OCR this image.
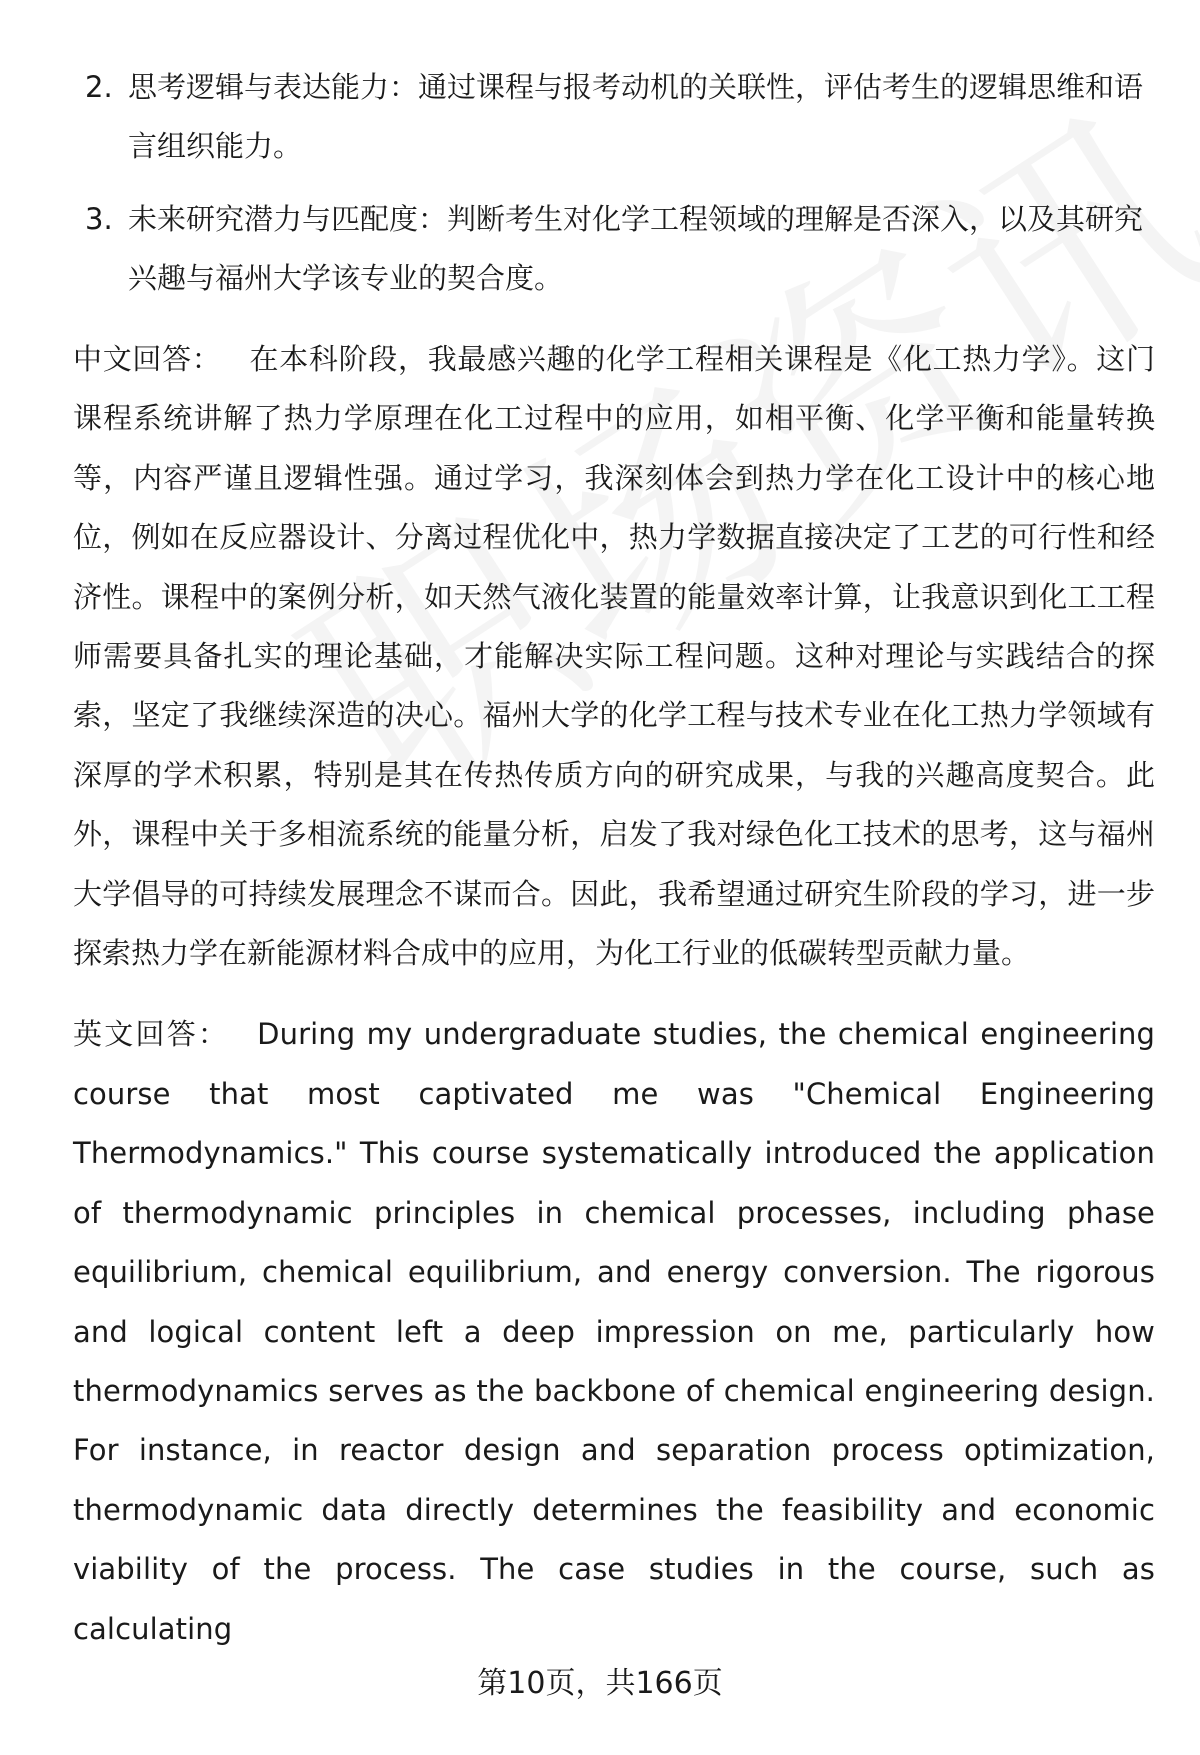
2. 思考逻辑与表达能力：通过课程与报考动机的关联性，评估考生的逻辑思维和语言组织能力。
3. 未来研究潜力与匹配度：判断考生对化学工程领域的理解是否深入，以及其研究兴趣与福州大学该专业的契合度。

中文回答： 在本科阶段，我最感兴趣的化学工程相关课程是《化工热力学》。这门课程系统讲解了热力学原理在化工过程中的应用，如相平衡、化学平衡和能量转换等，内容严谨且逻辑性强。通过学习，我深刻体会到热力学在化工设计中的核心地位，例如在反应器设计、分离过程优化中，热力学数据直接决定了工艺的可行性和经济性。课程中的案例分析，如天然气液化装置的能量效率计算，让我意识到化工工程师需要具备扎实的理论基础，才能解决实际工程问题。这种对理论与实践结合的探索，坚定了我继续深造的决心。福州大学的化学工程与技术专业在化工热力学领域有深厚的学术积累，特别是其在传热传质方向的研究成果，与我的兴趣高度契合。此外，课程中关于多相流系统的能量分析，启发了我对绿色化工技术的思考，这与福州大学倡导的可持续发展理念不谋而合。因此，我希望通过研究生阶段的学习，进一步探索热力学在新能源材料合成中的应用，为化工行业的低碳转型贡献力量。

英文回答： During my undergraduate studies, the chemical engineering course that most captivated me was "Chemical Engineering Thermodynamics." This course systematically introduced the application of thermodynamic principles in chemical processes, including phase equilibrium, chemical equilibrium, and energy conversion. The rigorous and logical content left a deep impression on me, particularly how thermodynamics serves as the backbone of chemical engineering design. For instance, in reactor design and separation process optimization, thermodynamic data directly determines the feasibility and economic viability of the process. The case studies in the course, such as calculating

第10页，共166页
